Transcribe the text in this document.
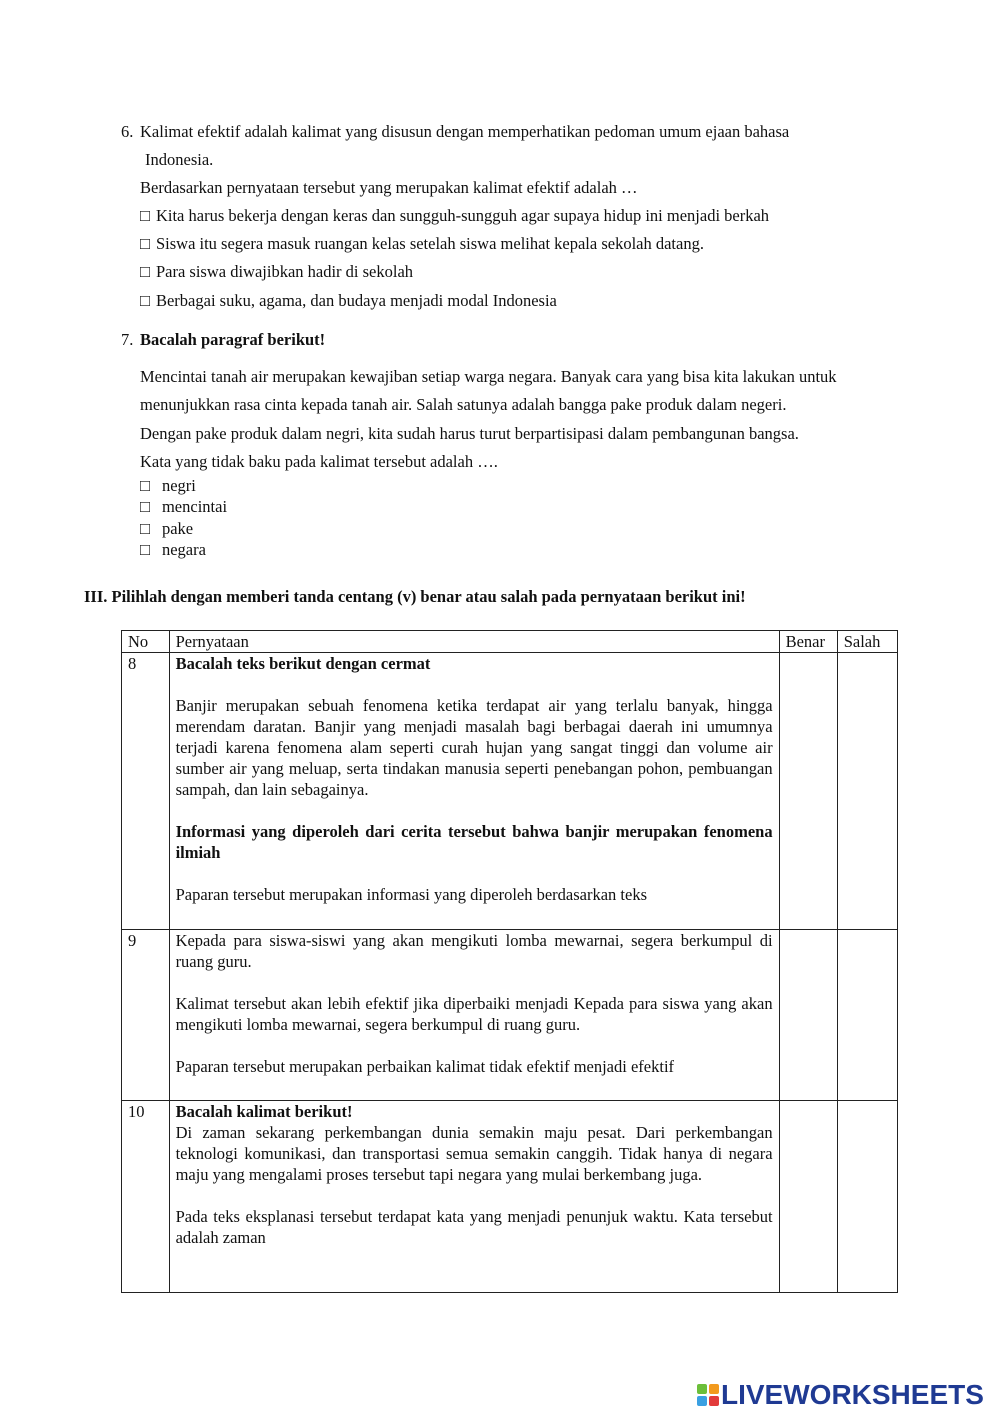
6. Kalimat efektif adalah kalimat yang disusun dengan memperhatikan pedoman umum ejaan bahasa
Indonesia.
Berdasarkan pernyataan tersebut yang merupakan kalimat efektif adalah …
□ Kita harus bekerja dengan keras dan sungguh-sungguh agar supaya hidup ini menjadi berkah
□ Siswa itu segera masuk ruangan kelas setelah siswa melihat kepala sekolah datang.
□ Para siswa diwajibkan hadir di sekolah
□ Berbagai suku, agama, dan budaya menjadi modal Indonesia
7. Bacalah paragraf berikut!
Mencintai tanah air merupakan kewajiban setiap warga negara. Banyak cara yang bisa kita lakukan untuk
menunjukkan rasa cinta kepada tanah air. Salah satunya adalah bangga pake produk dalam negeri.
Dengan pake produk dalam negri, kita sudah harus turut berpartisipasi dalam pembangunan bangsa.
Kata yang tidak baku pada kalimat tersebut adalah ….
□ negri
□ mencintai
□ pake
□ negara
III. Pilihlah dengan memberi tanda centang (v) benar atau salah pada pernyataan berikut ini!
No	Pernyataan	Benar	Salah
8	Bacalah teks berikut dengan cermat
Banjir merupakan sebuah fenomena ketika terdapat air yang terlalu banyak, hingga merendam daratan. Banjir yang menjadi masalah bagi berbagai daerah ini umumnya terjadi karena fenomena alam seperti curah hujan yang sangat tinggi dan volume air sumber air yang meluap, serta tindakan manusia seperti penebangan pohon, pembuangan sampah, dan lain sebagainya.
Informasi yang diperoleh dari cerita tersebut bahwa banjir merupakan fenomena ilmiah
Paparan tersebut merupakan informasi yang diperoleh berdasarkan teks		

9	Kepada para siswa-siswi yang akan mengikuti lomba mewarnai, segera berkumpul di ruang guru.
Kalimat tersebut akan lebih efektif jika diperbaiki menjadi Kepada para siswa yang akan mengikuti lomba mewarnai, segera berkumpul di ruang guru.
Paparan tersebut merupakan perbaikan kalimat tidak efektif menjadi efektif		

10	Bacalah kalimat berikut!
Di zaman sekarang perkembangan dunia semakin maju pesat. Dari perkembangan teknologi komunikasi, dan transportasi semua semakin canggih. Tidak hanya di negara maju yang mengalami proses tersebut tapi negara yang mulai berkembang juga.
Pada teks eksplanasi tersebut terdapat kata yang menjadi penunjuk waktu. Kata tersebut adalah zaman		

LIVEWORKSHEETS
